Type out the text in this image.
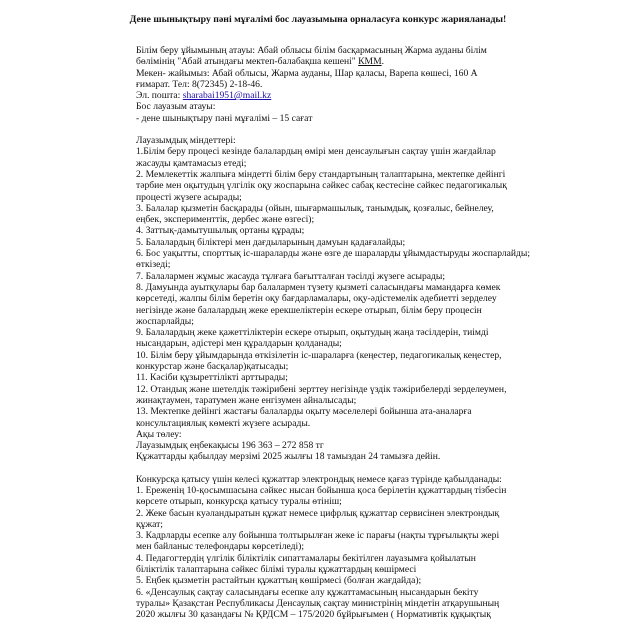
Дене шынықтыру пәні мұғалімі бос лауазымына орналасуға конкурс жарияланады!
Білім беру ұйымының атауы: Абай облысы білім басқармасының Жарма ауданы білім
бөлімінің "Абай атындағы мектеп-балабақша кешені" КММ.
Мекен- жайымыз: Абай облысы, Жарма ауданы, Шар қаласы, Варепа көшесі, 160 А
ғимарат. Тел: 8(72345) 2-18-46.
Эл. пошта: sharabai1951@mail.kz
Бос лауазым атауы:
- дене шынықтыру пәні мұғалімі – 15 сағат
Лауазымдық міндеттері:
1.Білім беру процесі кезінде балалардың өмірі мен денсаулығын сақтау үшін жағдайлар
жасауды қамтамасыз етеді;
2. Мемлекеттік жалпыға міндетті білім беру стандартының талаптарына, мектепке дейінгі
тәрбие мен оқытудың үлгілік оқу жоспарына сәйкес сабақ кестесіне сәйкес педагогикалық
процесті жүзеге асырады;
3. Балалар қызметін басқарады (ойын, шығармашылық, танымдық, қозғалыс, бейнелеу,
еңбек, эксперименттік, дербес және өзгесі);
4. Заттық-дамытушылық ортаны құрады;
5. Балалардың біліктері мен дағдыларының дамуын қадағалайды;
6. Бос уақытты, спорттық іс-шараларды және өзге де шараларды ұйымдастыруды жоспарлайды;
өткізеді;
7. Балалармен жұмыс жасауда тұлғаға бағытталған тәсілді жүзеге асырады;
8. Дамуында ауытқулары бар балалармен түзету қызметі саласындағы мамандарға көмек
көрсетеді, жалпы білім беретін оқу бағдарламалары, оқу-әдістемелік әдебиетті зерделеу
негізінде және балалардың жеке ерекшеліктерін ескере отырып, білім беру процесін
жоспарлайды;
9. Балалардың жеке қажеттіліктерін ескере отырып, оқытудың жаңа тәсілдерін, тиімді
нысандарын, әдістері мен құралдарын қолданады;
10. Білім беру ұйымдарында өткізілетін іс-шараларға (кеңестер, педагогикалық кеңестер,
конкурстар және басқалар)қатысады;
11. Кәсіби құзыреттілікті арттырады;
12. Отандық және шетелдік тәжірибені зерттеу негізінде үздік тәжірибелерді зерделеумен,
жинақтаумен, таратумен және енгізумен айналысады;
13. Мектепке дейінгі жастағы балаларды оқыту мәселелері бойынша ата-аналарға
консультациялық көмекті жүзеге асырады.
Ақы төлеу:
Лауазымдық еңбекақысы 196 363 – 272 858 тг
Құжаттарды қабылдау мерзімі 2025 жылғы 18 тамыздан 24 тамызға дейін.
Конкурсқа қатысу үшін келесі құжаттар электрондық немесе қағаз түрінде қабылданады:
1. Ереженің 10-қосымшасына сәйкес нысан бойынша қоса берілетін құжаттардың тізбесін
көрсете отырып, конкурсқа қатысу туралы өтініш;
2. Жеке басын куәландыратын құжат немесе цифрлық құжаттар сервисінен электрондық
құжат;
3. Кадрларды есепке алу бойынша толтырылған жеке іс парағы (нақты тұрғылықты жері
мен байланыс телефондары көрсетіледі);
4. Педагогтердің үлгілік біліктілік сипаттамалары бекітілген лауазымға қойылатын
біліктілік талаптарына сәйкес білімі туралы құжаттардың көшірмесі
5. Еңбек қызметін растайтын құжаттың көшірмесі (болған жағдайда);
6. «Денсаулық сақтау саласындағы есепке алу құжаттамасының нысандарын бекіту
туралы» Қазақстан Республикасы Денсаулық сақтау министрінің міндетін атқарушының
2020 жылғы 30 қазандағы № ҚРДСМ – 175/2020 бұйрығымен ( Нормативтік құқықтық
